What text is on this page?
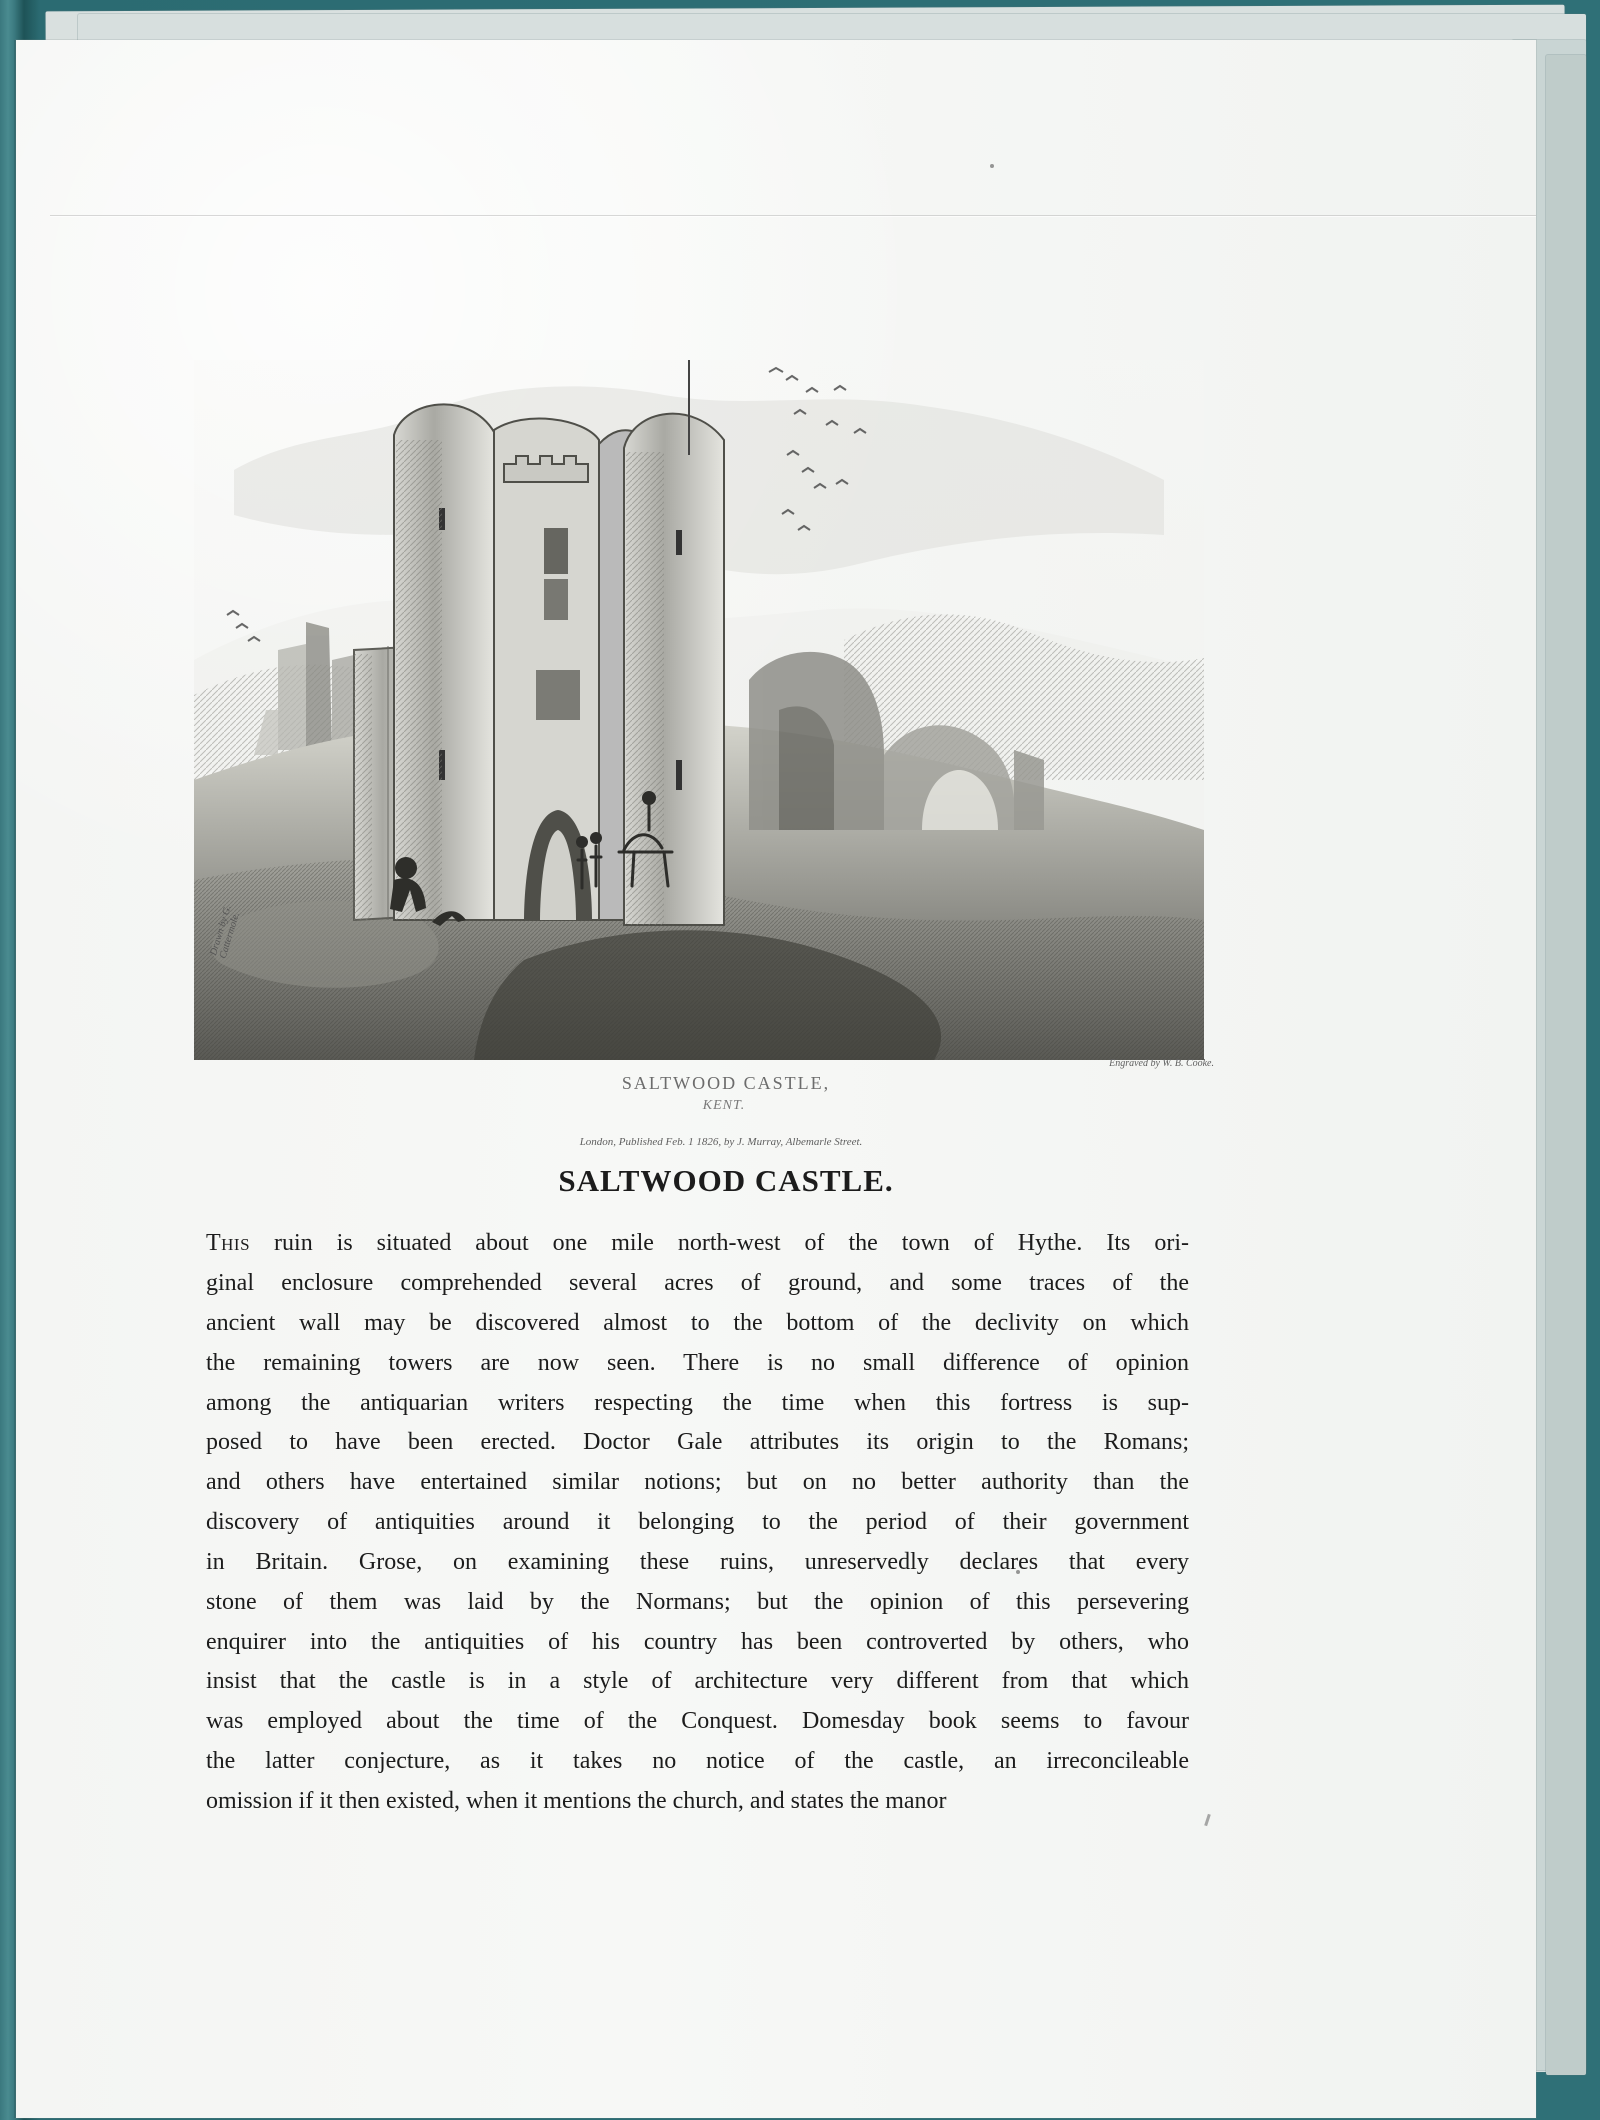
Drawn by G. Cattermole.

Engraved by W. B. Cooke.

SALTWOOD CASTLE,

KENT.

London, Published Feb. 1 1826, by J. Murray, Albemarle Street.

SALTWOOD CASTLE.

This ruin is situated about one mile north-west of the town of Hythe. Its ori-

ginal enclosure comprehended several acres of ground, and some traces of the

ancient wall may be discovered almost to the bottom of the declivity on which

the remaining towers are now seen. There is no small difference of opinion

among the antiquarian writers respecting the time when this fortress is sup-

posed to have been erected. Doctor Gale attributes its origin to the Romans;

and others have entertained similar notions; but on no better authority than the

discovery of antiquities around it belonging to the period of their government

in Britain. Grose, on examining these ruins, unreservedly declares that every

stone of them was laid by the Normans; but the opinion of this persevering

enquirer into the antiquities of his country has been controverted by others, who

insist that the castle is in a style of architecture very different from that which

was employed about the time of the Conquest. Domesday book seems to favour

the latter conjecture, as it takes no notice of the castle, an irreconcileable

omission if it then existed, when it mentions the church, and states the manor
